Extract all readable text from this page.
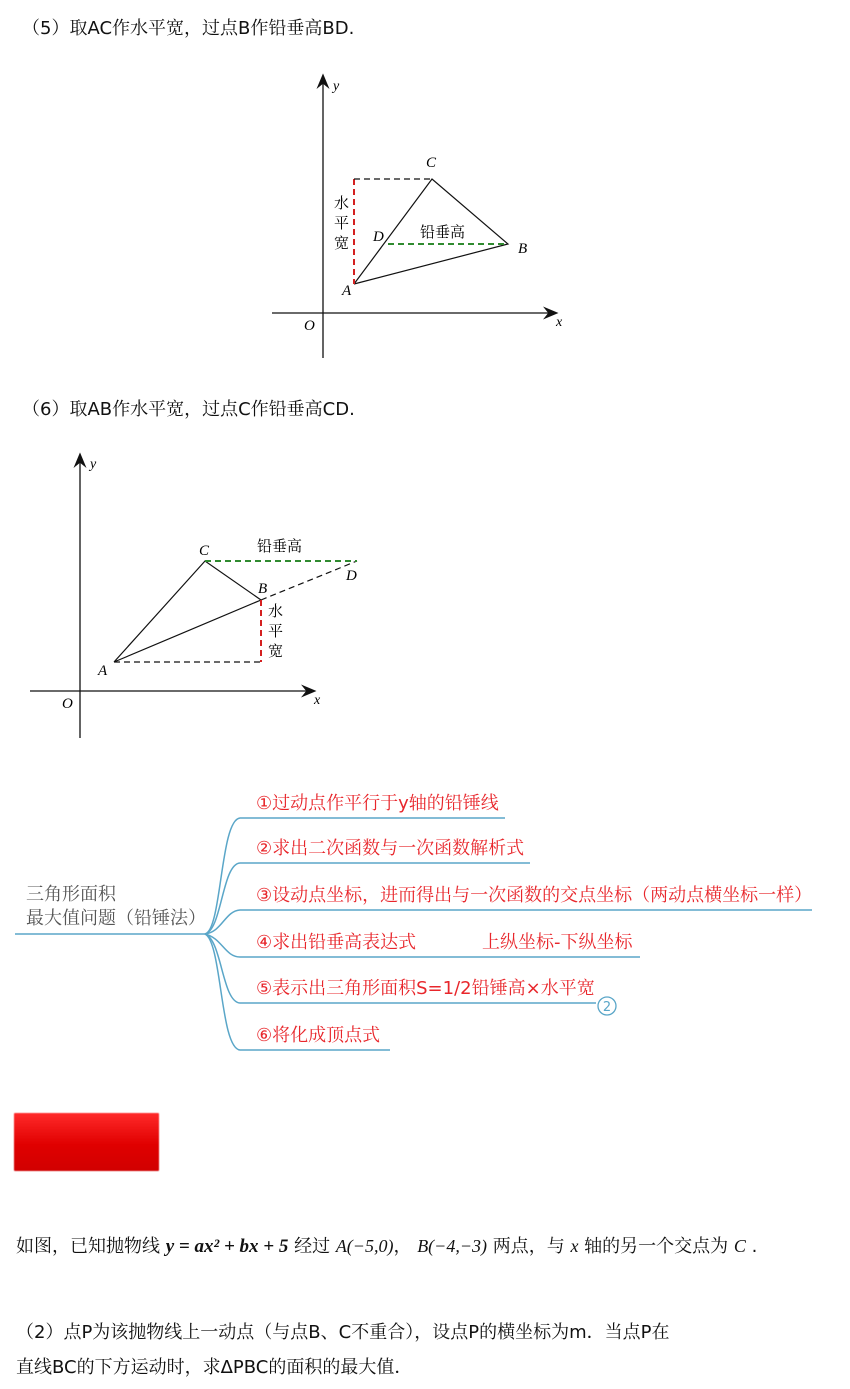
（5）取AC作水平宽，过点B作铅垂高BD.
y
x
O
C
D
B
A
水
平
宽
铅垂高
（6）取AB作水平宽，过点C作铅垂高CD.
y
x
O
C
B
D
A
铅垂高
水
平
宽
2
三角形面积
最大值问题（铅锤法）
①过动点作平行于y轴的铅锤线
②求出二次函数与一次函数解析式
③设动点坐标，进而得出与一次函数的交点坐标（两动点横坐标一样）
④求出铅垂高表达式	上纵坐标-下纵坐标
⑤表示出三角形面积S=1/2铅锤高×水平宽
⑥将化成顶点式
如图，已知抛物线 y = ax² + bx + 5 经过 A(−5,0)， B(−4,−3) 两点，与 x 轴的另一个交点为 C .
（2）点P为该抛物线上一动点（与点B、C不重合），设点P的横坐标为m．当点P在
直线BC的下方运动时，求ΔPBC的面积的最大值．
